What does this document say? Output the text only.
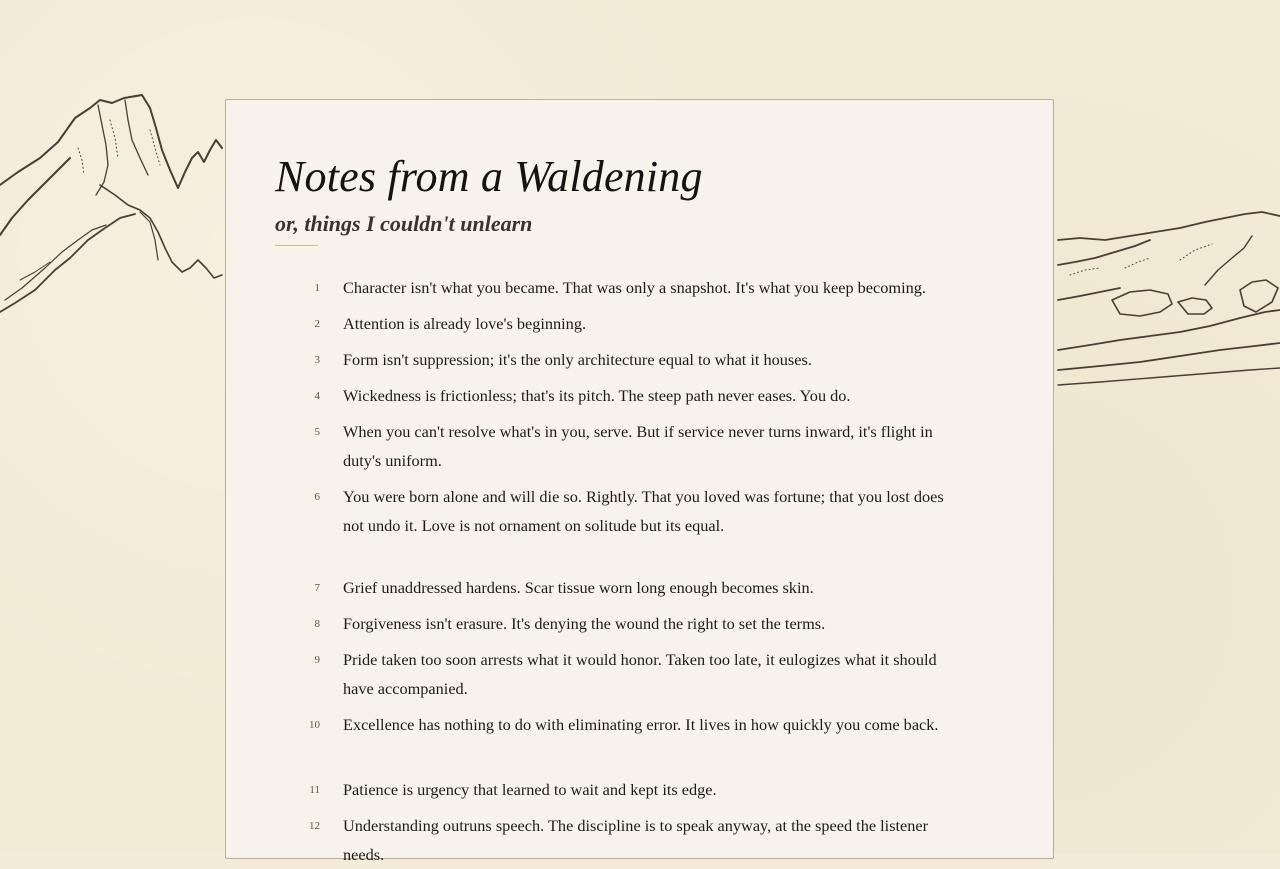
Notes from a Waldening
or, things I couldn't unlearn
1 Character isn't what you became. That was only a snapshot. It's what you keep becoming.

2 Attention is already love's beginning.

3 Form isn't suppression; it's the only architecture equal to what it houses.

4 Wickedness is frictionless; that's its pitch. The steep path never eases. You do.

5 When you can't resolve what's in you, serve. But if service never turns inward, it's flight in duty's uniform.

6 You were born alone and will die so. Rightly. That you loved was fortune; that you lost does not undo it. Love is not ornament on solitude but its equal.

7 Grief unaddressed hardens. Scar tissue worn long enough becomes skin.

8 Forgiveness isn't erasure. It's denying the wound the right to set the terms.

9 Pride taken too soon arrests what it would honor. Taken too late, it eulogizes what it should have accompanied.

10 Excellence has nothing to do with eliminating error. It lives in how quickly you come back.

11 Patience is urgency that learned to wait and kept its edge.

12 Understanding outruns speech. The discipline is to speak anyway, at the speed the listener needs.
